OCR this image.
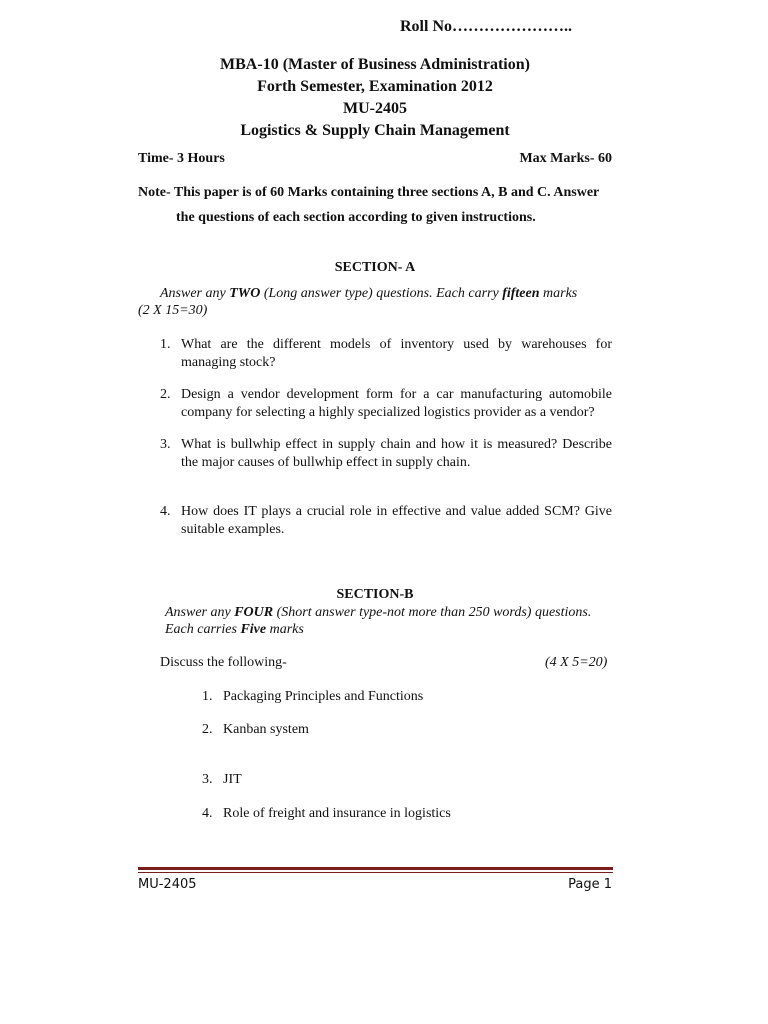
Roll No…………………..
MBA-10 (Master of Business Administration)
Forth Semester, Examination 2012
MU-2405
Logistics & Supply Chain Management
Time- 3 Hours	Max Marks- 60
Note- This paper is of 60 Marks containing three sections A, B and C. Answer
the questions of each section according to given instructions.
SECTION- A
Answer any TWO (Long answer type) questions. Each carry fifteen marks
(2 X 15=30)
1. What are the different models of inventory used by warehouses for managing stock?
2. Design a vendor development form for a car manufacturing automobile company for selecting a highly specialized logistics provider as a vendor?
3. What is bullwhip effect in supply chain and how it is measured? Describe the major causes of bullwhip effect in supply chain.
4. How does IT plays a crucial role in effective and value added SCM? Give suitable examples.
SECTION-B
Answer any FOUR (Short answer type-not more than 250 words) questions.
Each carries Five marks
Discuss the following-	(4 X 5=20)
1. Packaging Principles and Functions
2. Kanban system
3. JIT
4. Role of freight and insurance in logistics
MU-2405	Page 1
